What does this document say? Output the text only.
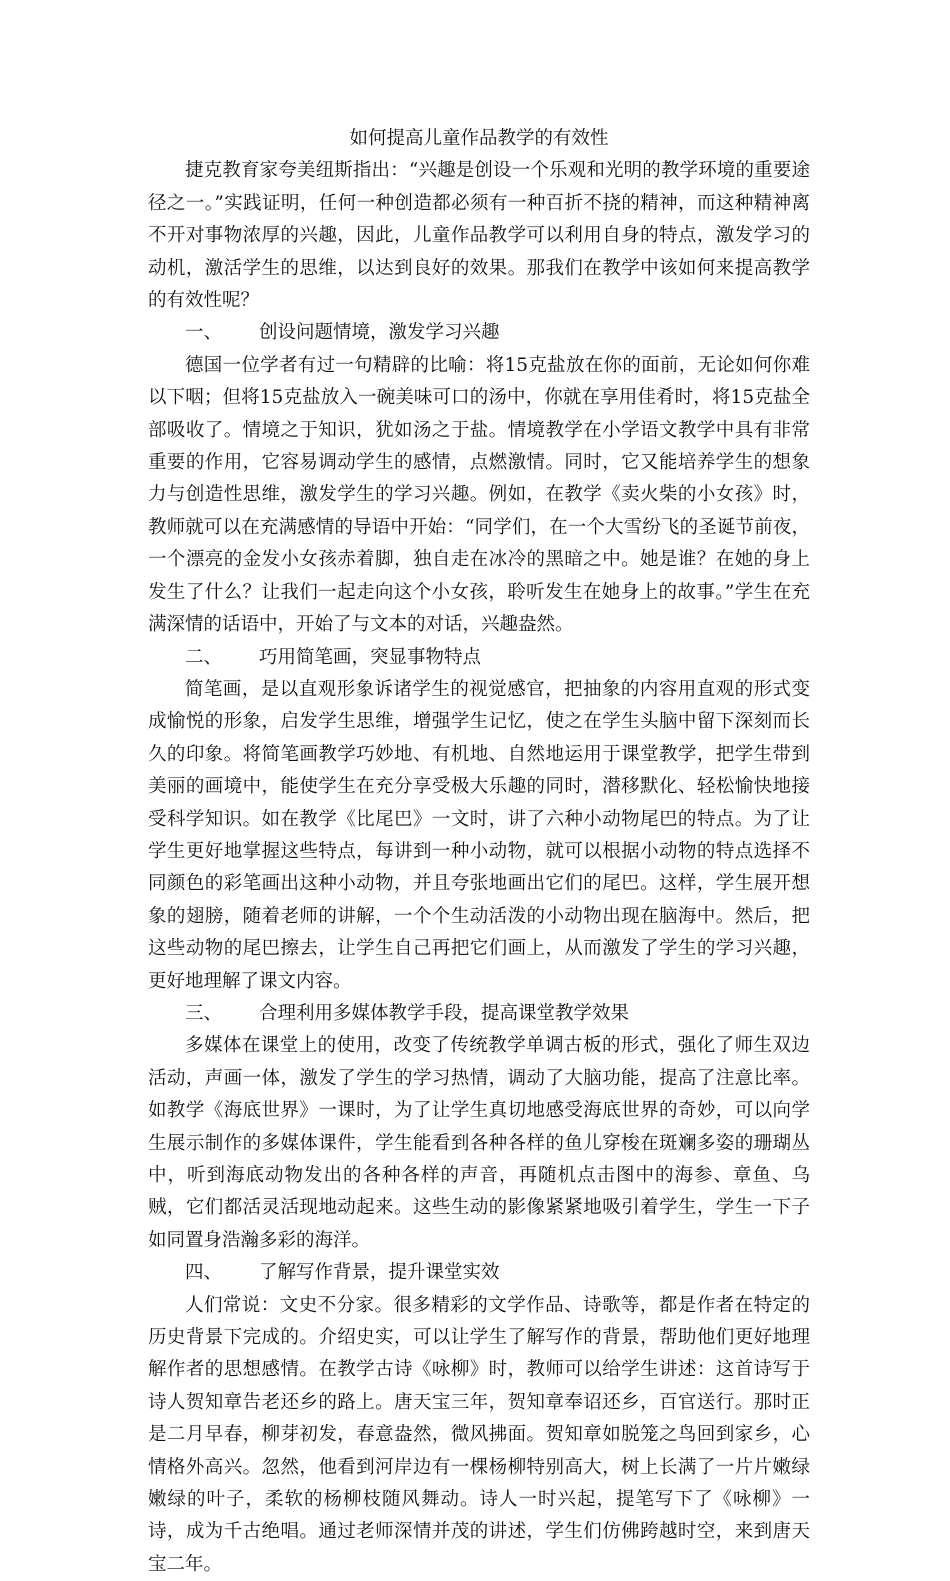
如何提高儿童作品教学的有效性

捷克教育家夸美纽斯指出：“兴趣是创设一个乐观和光明的教学环境的重要途径之一。”实践证明，任何一种创造都必须有一种百折不挠的精神，而这种精神离不开对事物浓厚的兴趣，因此，儿童作品教学可以利用自身的特点，激发学习的动机，激活学生的思维，以达到良好的效果。那我们在教学中该如何来提高教学的有效性呢？

一、 创设问题情境，激发学习兴趣

德国一位学者有过一句精辟的比喻：将15克盐放在你的面前，无论如何你难以下咽；但将15克盐放入一碗美味可口的汤中，你就在享用佳肴时，将15克盐全部吸收了。情境之于知识，犹如汤之于盐。情境教学在小学语文教学中具有非常重要的作用，它容易调动学生的感情，点燃激情。同时，它又能培养学生的想象力与创造性思维，激发学生的学习兴趣。例如，在教学《卖火柴的小女孩》时，教师就可以在充满感情的导语中开始：“同学们，在一个大雪纷飞的圣诞节前夜，一个漂亮的金发小女孩赤着脚，独自走在冰冷的黑暗之中。她是谁？在她的身上发生了什么？让我们一起走向这个小女孩，聆听发生在她身上的故事。”学生在充满深情的话语中，开始了与文本的对话，兴趣盎然。

二、 巧用简笔画，突显事物特点

简笔画，是以直观形象诉诸学生的视觉感官，把抽象的内容用直观的形式变成愉悦的形象，启发学生思维，增强学生记忆，使之在学生头脑中留下深刻而长久的印象。将简笔画教学巧妙地、有机地、自然地运用于课堂教学，把学生带到美丽的画境中，能使学生在充分享受极大乐趣的同时，潜移默化、轻松愉快地接受科学知识。如在教学《比尾巴》一文时，讲了六种小动物尾巴的特点。为了让学生更好地掌握这些特点，每讲到一种小动物，就可以根据小动物的特点选择不同颜色的彩笔画出这种小动物，并且夸张地画出它们的尾巴。这样，学生展开想象的翅膀，随着老师的讲解，一个个生动活泼的小动物出现在脑海中。然后，把这些动物的尾巴擦去，让学生自己再把它们画上，从而激发了学生的学习兴趣，更好地理解了课文内容。

三、 合理利用多媒体教学手段，提高课堂教学效果

多媒体在课堂上的使用，改变了传统教学单调古板的形式，强化了师生双边活动，声画一体，激发了学生的学习热情，调动了大脑功能，提高了注意比率。如教学《海底世界》一课时，为了让学生真切地感受海底世界的奇妙，可以向学生展示制作的多媒体课件，学生能看到各种各样的鱼儿穿梭在斑斓多姿的珊瑚丛中，听到海底动物发出的各种各样的声音，再随机点击图中的海参、章鱼、乌贼，它们都活灵活现地动起来。这些生动的影像紧紧地吸引着学生，学生一下子如同置身浩瀚多彩的海洋。

四、 了解写作背景，提升课堂实效

人们常说：文史不分家。很多精彩的文学作品、诗歌等，都是作者在特定的历史背景下完成的。介绍史实，可以让学生了解写作的背景，帮助他们更好地理解作者的思想感情。在教学古诗《咏柳》时，教师可以给学生讲述：这首诗写于诗人贺知章告老还乡的路上。唐天宝三年，贺知章奉诏还乡，百官送行。那时正是二月早春，柳芽初发，春意盎然，微风拂面。贺知章如脱笼之鸟回到家乡，心情格外高兴。忽然，他看到河岸边有一棵杨柳特别高大，树上长满了一片片嫩绿嫩绿的叶子，柔软的杨柳枝随风舞动。诗人一时兴起，提笔写下了《咏柳》一诗，成为千古绝唱。通过老师深情并茂的讲述，学生们仿佛跨越时空，来到唐天宝二年。
